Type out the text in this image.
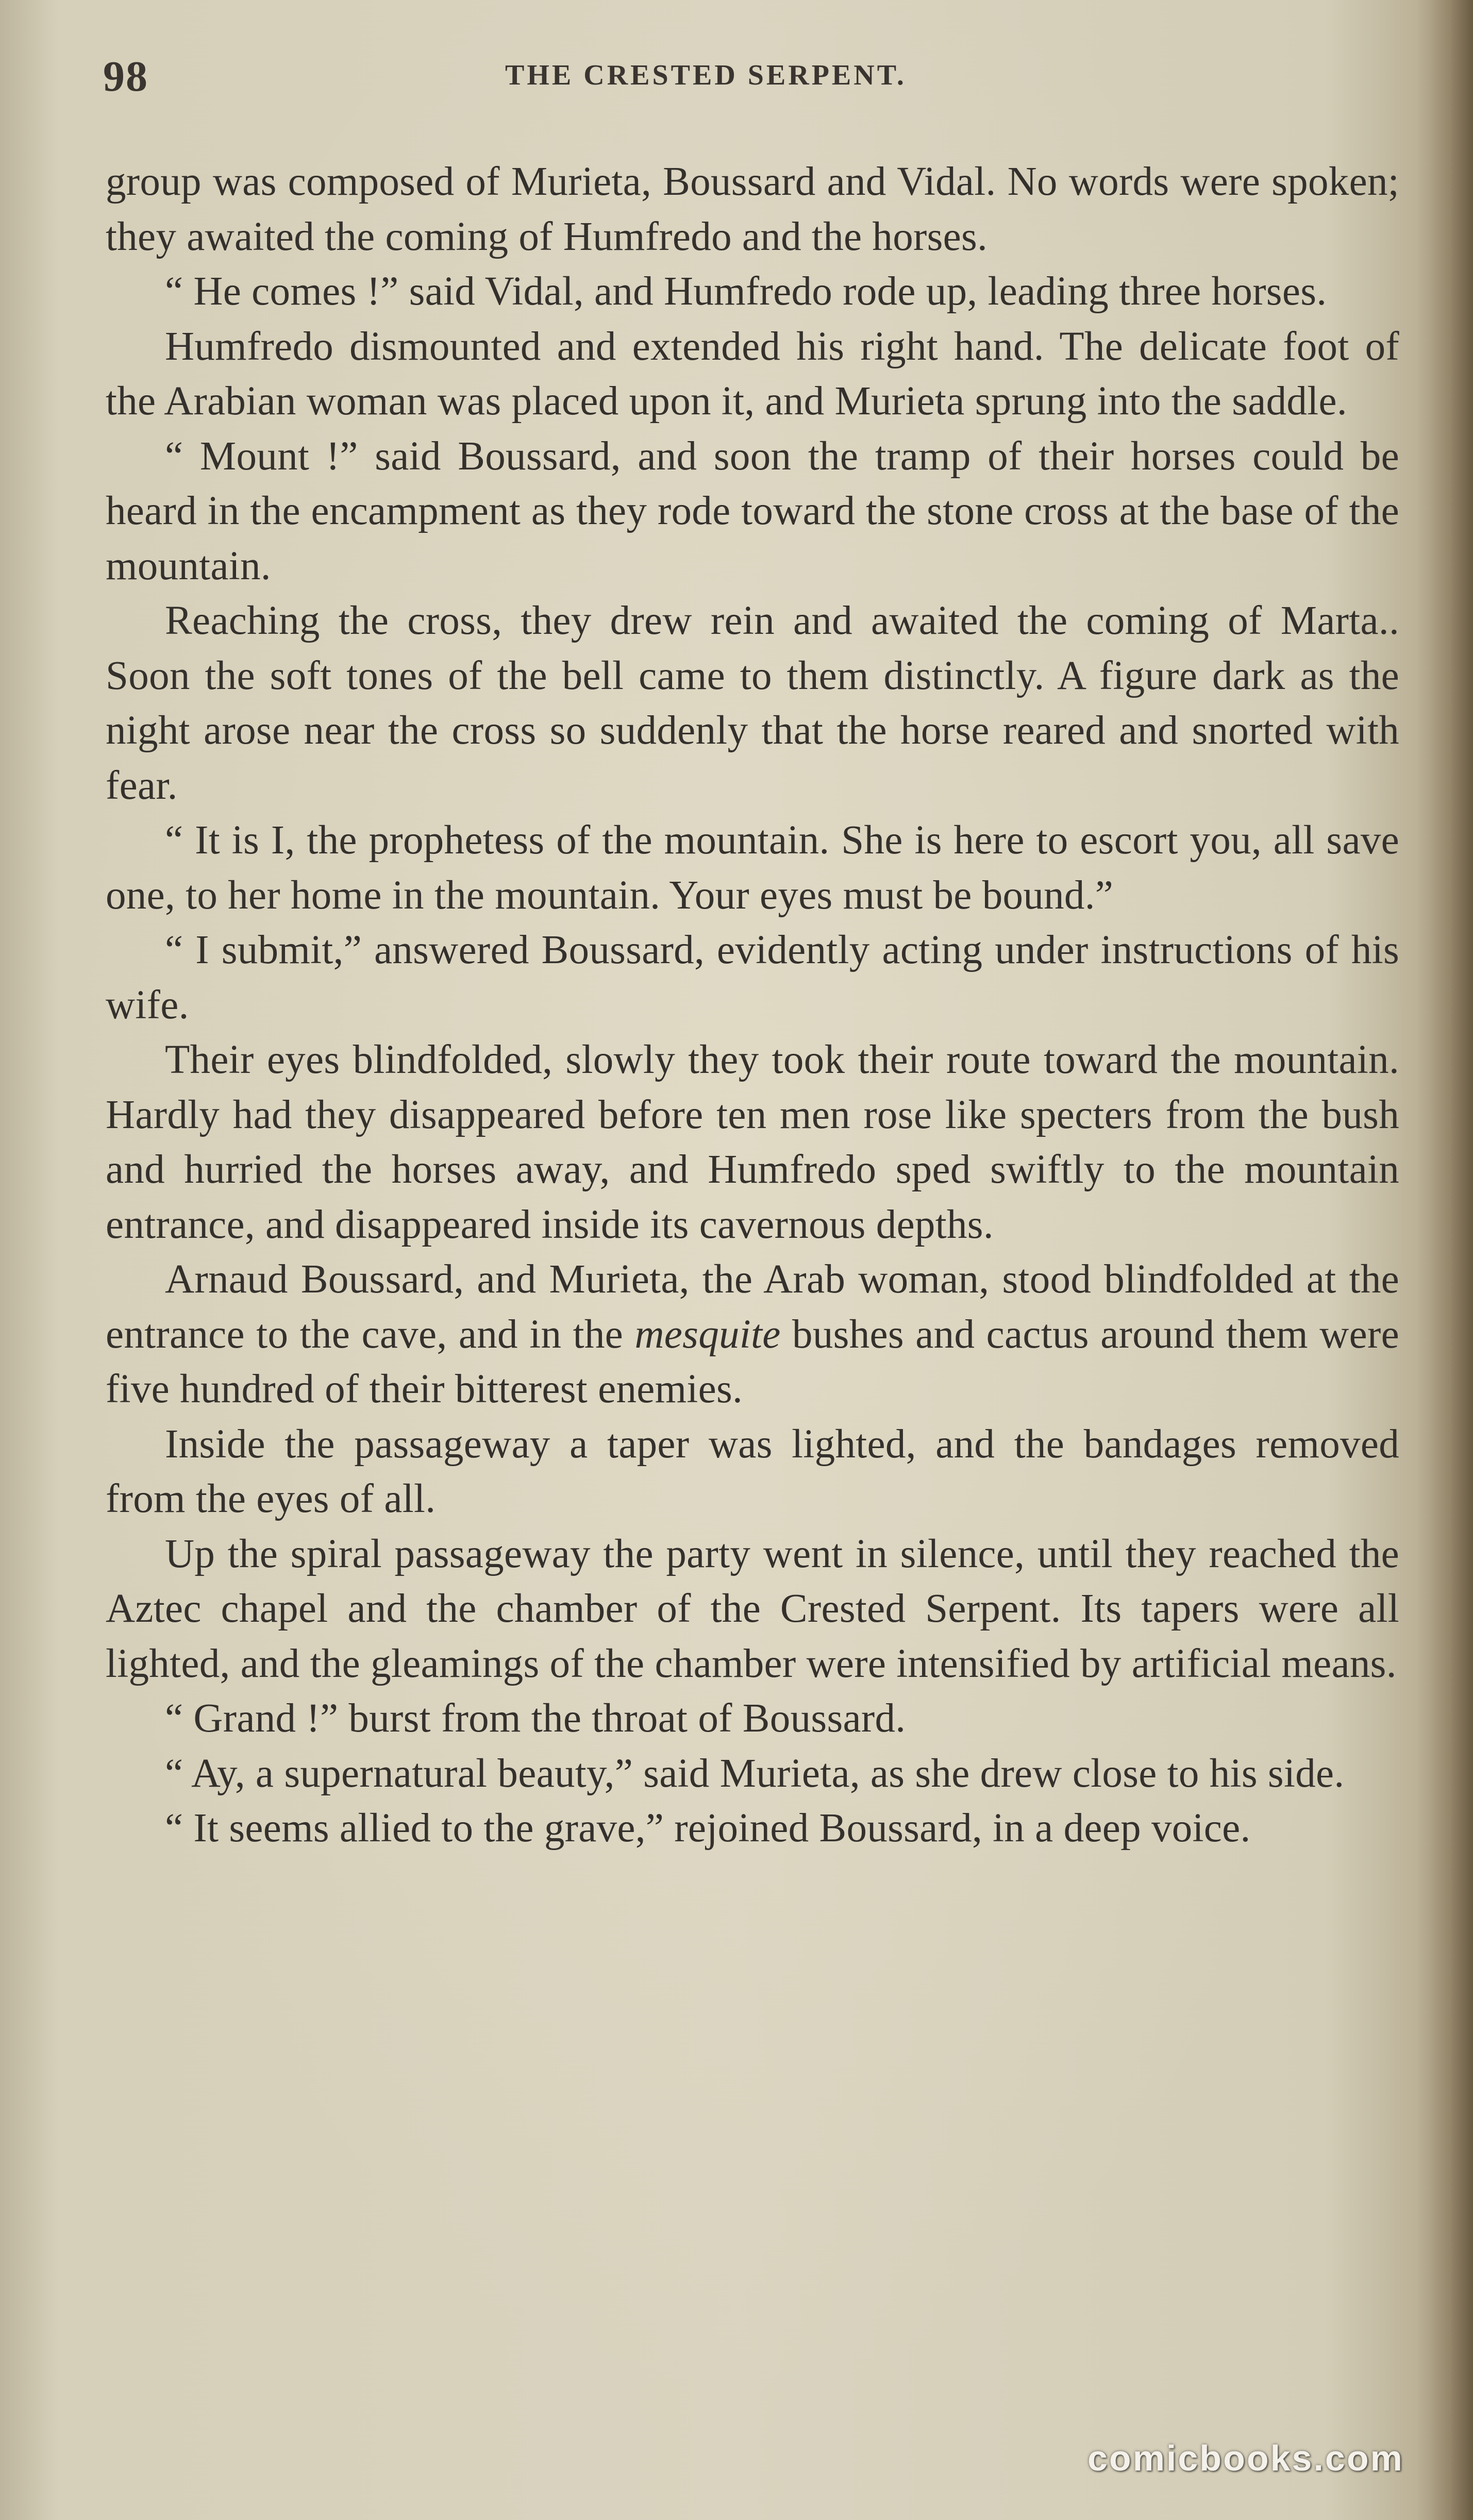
98	THE CRESTED SERPENT.

group was composed of Murieta, Boussard and Vidal. No words were spoken; they awaited the coming of Humfredo and the horses.

“ He comes !” said Vidal, and Humfredo rode up, leading three horses.

Humfredo dismounted and extended his right hand. The delicate foot of the Arabian woman was placed upon it, and Murieta sprung into the saddle.

“ Mount !” said Boussard, and soon the tramp of their horses could be heard in the encampment as they rode toward the stone cross at the base of the mountain.

Reaching the cross, they drew rein and awaited the coming of Marta.. Soon the soft tones of the bell came to them distinctly. A figure dark as the night arose near the cross so suddenly that the horse reared and snorted with fear.

“ It is I, the prophetess of the mountain. She is here to escort you, all save one, to her home in the mountain. Your eyes must be bound.”

“ I submit,” answered Boussard, evidently acting under instructions of his wife.

Their eyes blindfolded, slowly they took their route toward the mountain. Hardly had they disappeared before ten men rose like specters from the bush and hurried the horses away, and Humfredo sped swiftly to the mountain entrance, and disappeared inside its cavernous depths.

Arnaud Boussard, and Murieta, the Arab woman, stood blindfolded at the entrance to the cave, and in the mesquite bushes and cactus around them were five hundred of their bitterest enemies.

Inside the passageway a taper was lighted, and the bandages removed from the eyes of all.

Up the spiral passageway the party went in silence, until they reached the Aztec chapel and the chamber of the Crested Serpent. Its tapers were all lighted, and the gleamings of the chamber were intensified by artificial means.

“ Grand !” burst from the throat of Boussard.

“ Ay, a supernatural beauty,” said Murieta, as she drew close to his side.

“ It seems allied to the grave,” rejoined Boussard, in a deep voice.

comicbooks.com
